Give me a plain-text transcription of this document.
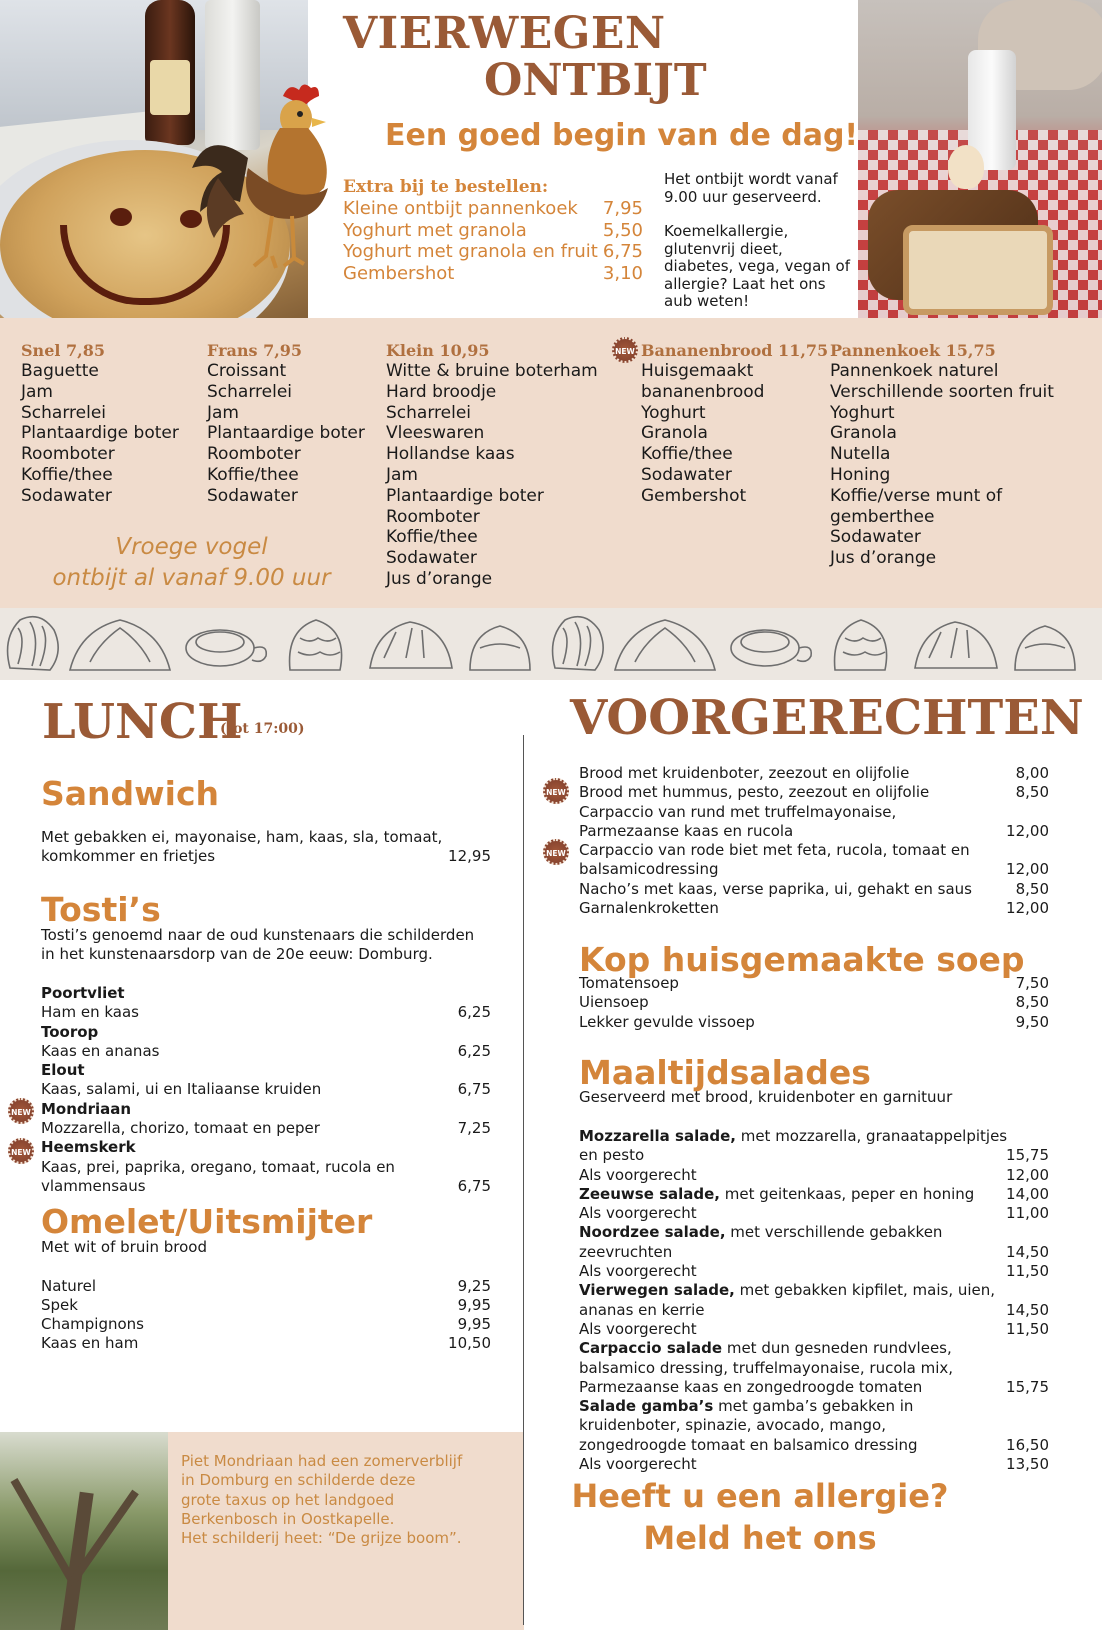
VIERWEGEN
ONTBIJT
Een goed begin van de dag!
Extra bij te bestellen:
Kleine ontbijt pannenkoek 7,95
Yoghurt met granola	5,50
Yoghurt met granola en fruit 6,75
Gembershot	3,10

Het ontbijt wordt vanaf 9.00 uur geserveerd.

Koemelkallergie, glutenvrij dieet, diabetes, vega, vegan of allergie? Laat het ons aub weten!

Snel 7,85
Baguette
Jam
Scharrelei
Plantaardige boter
Roomboter
Koffie/thee
Sodawater
Frans 7,95
Croissant
Scharrelei
Jam
Plantaardige boter
Roomboter
Koffie/thee
Sodawater
Klein 10,95
Witte & bruine boterham
Hard broodje
Scharrelei
Vleeswaren
Hollandse kaas
Jam
Plantaardige boter
Roomboter
Koffie/thee
Sodawater
Jus d’orange
NEW Bananenbrood 11,75
Huisgemaakt
bananenbrood
Yoghurt
Granola
Koffie/thee
Sodawater
Gembershot
Pannenkoek 15,75
Pannenkoek naturel
Verschillende soorten fruit
Yoghurt
Granola
Nutella
Honing
Koffie/verse munt of
gemberthee
Sodawater
Jus d’orange
Vroege vogel
ontbijt al vanaf 9.00 uur
LUNCH
(tot 17:00)
Sandwich
Met gebakken ei, mayonaise, ham, kaas, sla, tomaat,
komkommer en frietjes	12,95
Tosti’s
Tosti’s genoemd naar de oud kunstenaars die schilderden
in het kunstenaarsdorp van de 20e eeuw: Domburg.
Poortvliet
Ham en kaas	6,25
Toorop
Kaas en ananas	6,25
Elout
Kaas, salami, ui en Italiaanse kruiden	6,75
Mondriaan
Mozzarella, chorizo, tomaat en peper	7,25
Heemskerk
Kaas, prei, paprika, oregano, tomaat, rucola en
vlammensaus	6,75
NEW
NEW
Omelet/Uitsmijter
Met wit of bruin brood
Naturel	9,25
Spek	9,95
Champignons	9,95
Kaas en ham	10,50
Piet Mondriaan had een zomerverblijf
in Domburg en schilderde deze
grote taxus op het landgoed
Berkenbosch in Oostkapelle.
Het schilderij heet: “De grijze boom”.
VOORGERECHTEN
Brood met kruidenboter, zeezout en olijfolie	8,00
Brood met hummus, pesto, zeezout en olijfolie	8,50
Carpaccio van rund met truffelmayonaise,
Parmezaanse kaas en rucola	12,00
Carpaccio van rode biet met feta, rucola, tomaat en
balsamicodressing	12,00
Nacho’s met kaas, verse paprika, ui, gehakt en saus	8,50
Garnalenkroketten	12,00
NEW
NEW
Kop huisgemaakte soep
Tomatensoep	7,50
Uiensoep	8,50
Lekker gevulde vissoep	9,50
Maaltijdsalades
Geserveerd met brood, kruidenboter en garnituur
Mozzarella salade, met mozzarella, granaatappelpitjes
en pesto	15,75
Als voorgerecht	12,00
Zeeuwse salade, met geitenkaas, peper en honing 14,00
Als voorgerecht	11,00
Noordzee salade, met verschillende gebakken
zeevruchten	14,50
Als voorgerecht	11,50
Vierwegen salade, met gebakken kipfilet, mais, uien,
ananas en kerrie	14,50
Als voorgerecht	11,50
Carpaccio salade met dun gesneden rundvlees,
balsamico dressing, truffelmayonaise, rucola mix,
Parmezaanse kaas en zongedroogde tomaten	15,75
Salade gamba’s met gamba’s gebakken in
kruidenboter, spinazie, avocado, mango,
zongedroogde tomaat en balsamico dressing	16,50
Als voorgerecht	13,50
Heeft u een allergie?
Meld het ons
